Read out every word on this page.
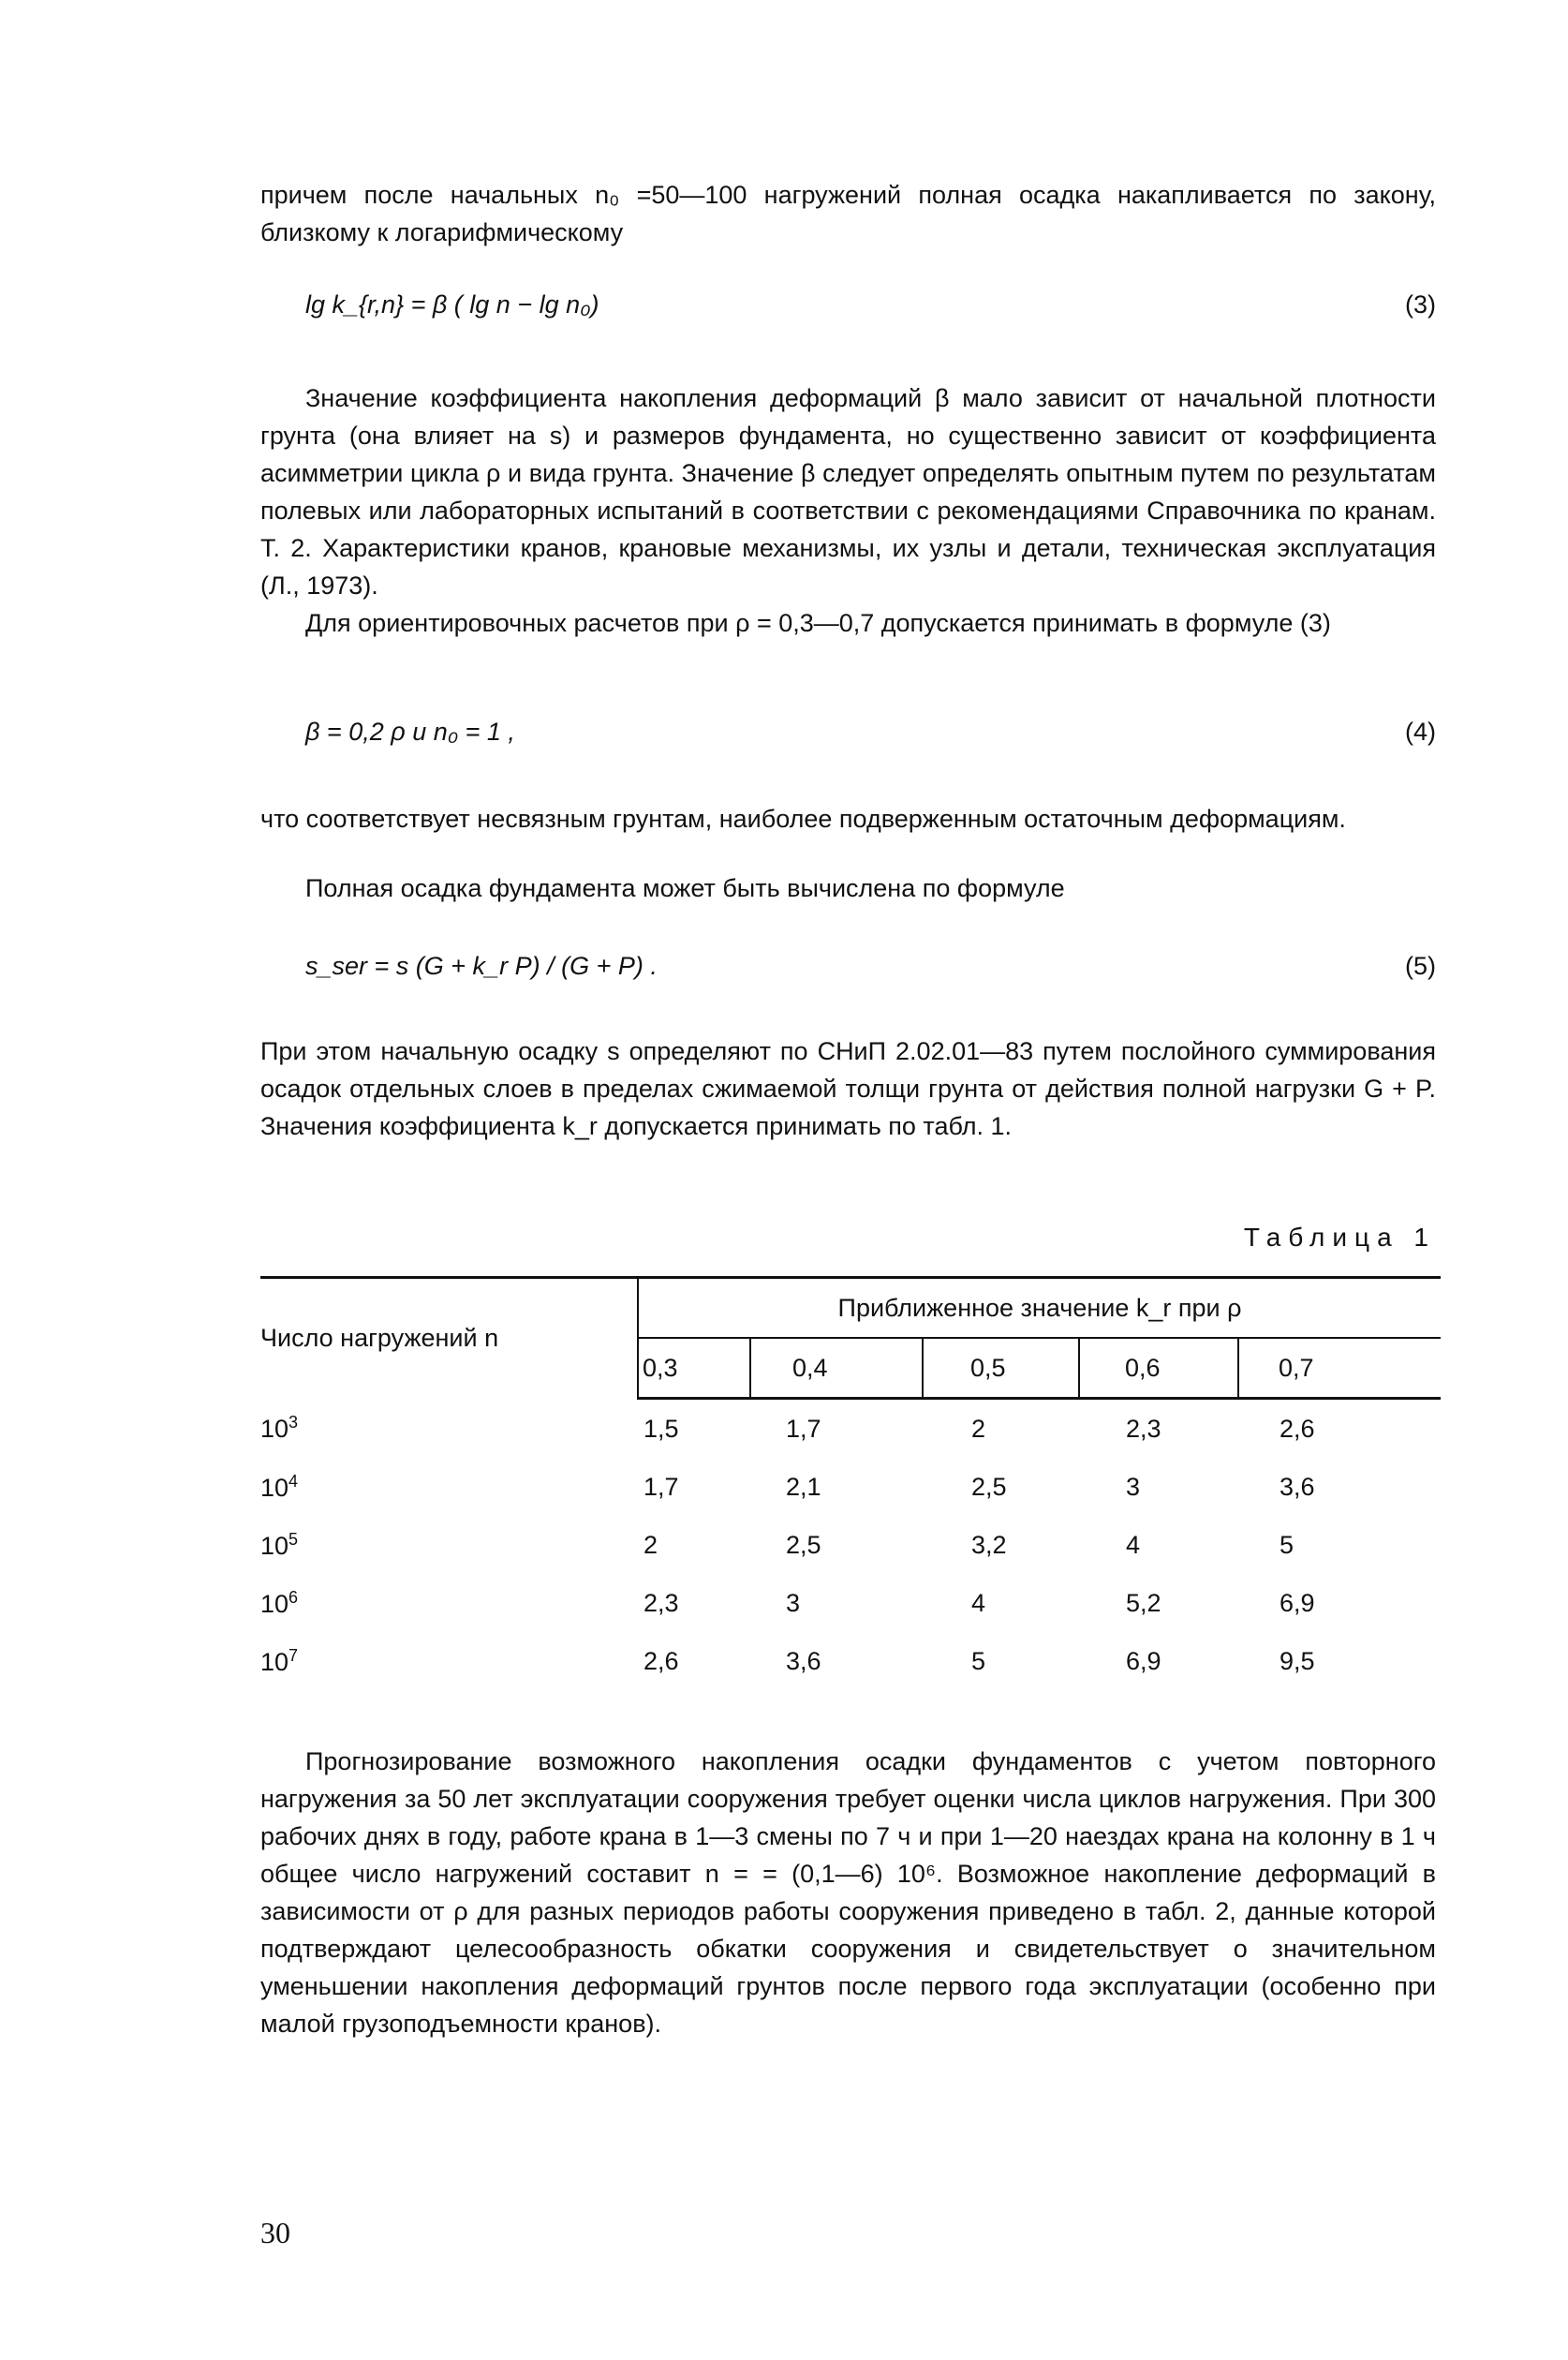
причем после начальных n₀ =50—100 нагружений полная осадка накапливается по закону, близкому к логарифмическому

lg k_{r,n} = β ( lg n − lg n₀)	(3)

Значение коэффициента накопления деформаций β мало зависит от начальной плотности грунта (она влияет на s) и размеров фундамента, но существенно зависит от коэффициента асимметрии цикла ρ и вида грунта. Значение β следует определять опытным путем по результатам полевых или лабораторных испытаний в соответствии с рекомендациями Справочника по кранам. Т. 2. Характеристики кранов, крановые механизмы, их узлы и детали, техническая эксплуатация (Л., 1973).

Для ориентировочных расчетов при ρ = 0,3—0,7 допускается принимать в формуле (3)

β = 0,2 ρ и n₀ = 1 ,	(4)

что соответствует несвязным грунтам, наиболее подверженным остаточным деформациям.

Полная осадка фундамента может быть вычислена по формуле

s_ser = s (G + k_r P) / (G + P) .	(5)

При этом начальную осадку s определяют по СНиП 2.02.01—83 путем послойного суммирования осадок отдельных слоев в пределах сжимаемой толщи грунта от действия полной нагрузки G + P. Значения коэффициента k_r допускается принимать по табл. 1.

Таблица 1
Число нагружений n	Приближенное значение k_r при ρ				
	0,3	0,4	0,5	0,6	0,7
$10^3$	1,5	1,7	2	2,3	2,6
$10^4$	1,7	2,1	2,5	3	3,6
$10^5$	2	2,5	3,2	4	5
$10^6$	2,3	3	4	5,2	6,9
$10^7$	2,6	3,6	5	6,9	9,5

Прогнозирование возможного накопления осадки фундаментов с учетом повторного нагружения за 50 лет эксплуатации сооружения требует оценки числа циклов нагружения. При 300 рабочих днях в году, работе крана в 1—3 смены по 7 ч и при 1—20 наездах крана на колонну в 1 ч общее число нагружений составит n = = (0,1—6) 10⁶. Возможное накопление деформаций в зависимости от ρ для разных периодов работы сооружения приведено в табл. 2, данные которой подтверждают целесообразность обкатки сооружения и свидетельствует о значительном уменьшении накопления деформаций грунтов после первого года эксплуатации (особенно при малой грузоподъемности кранов).

30
